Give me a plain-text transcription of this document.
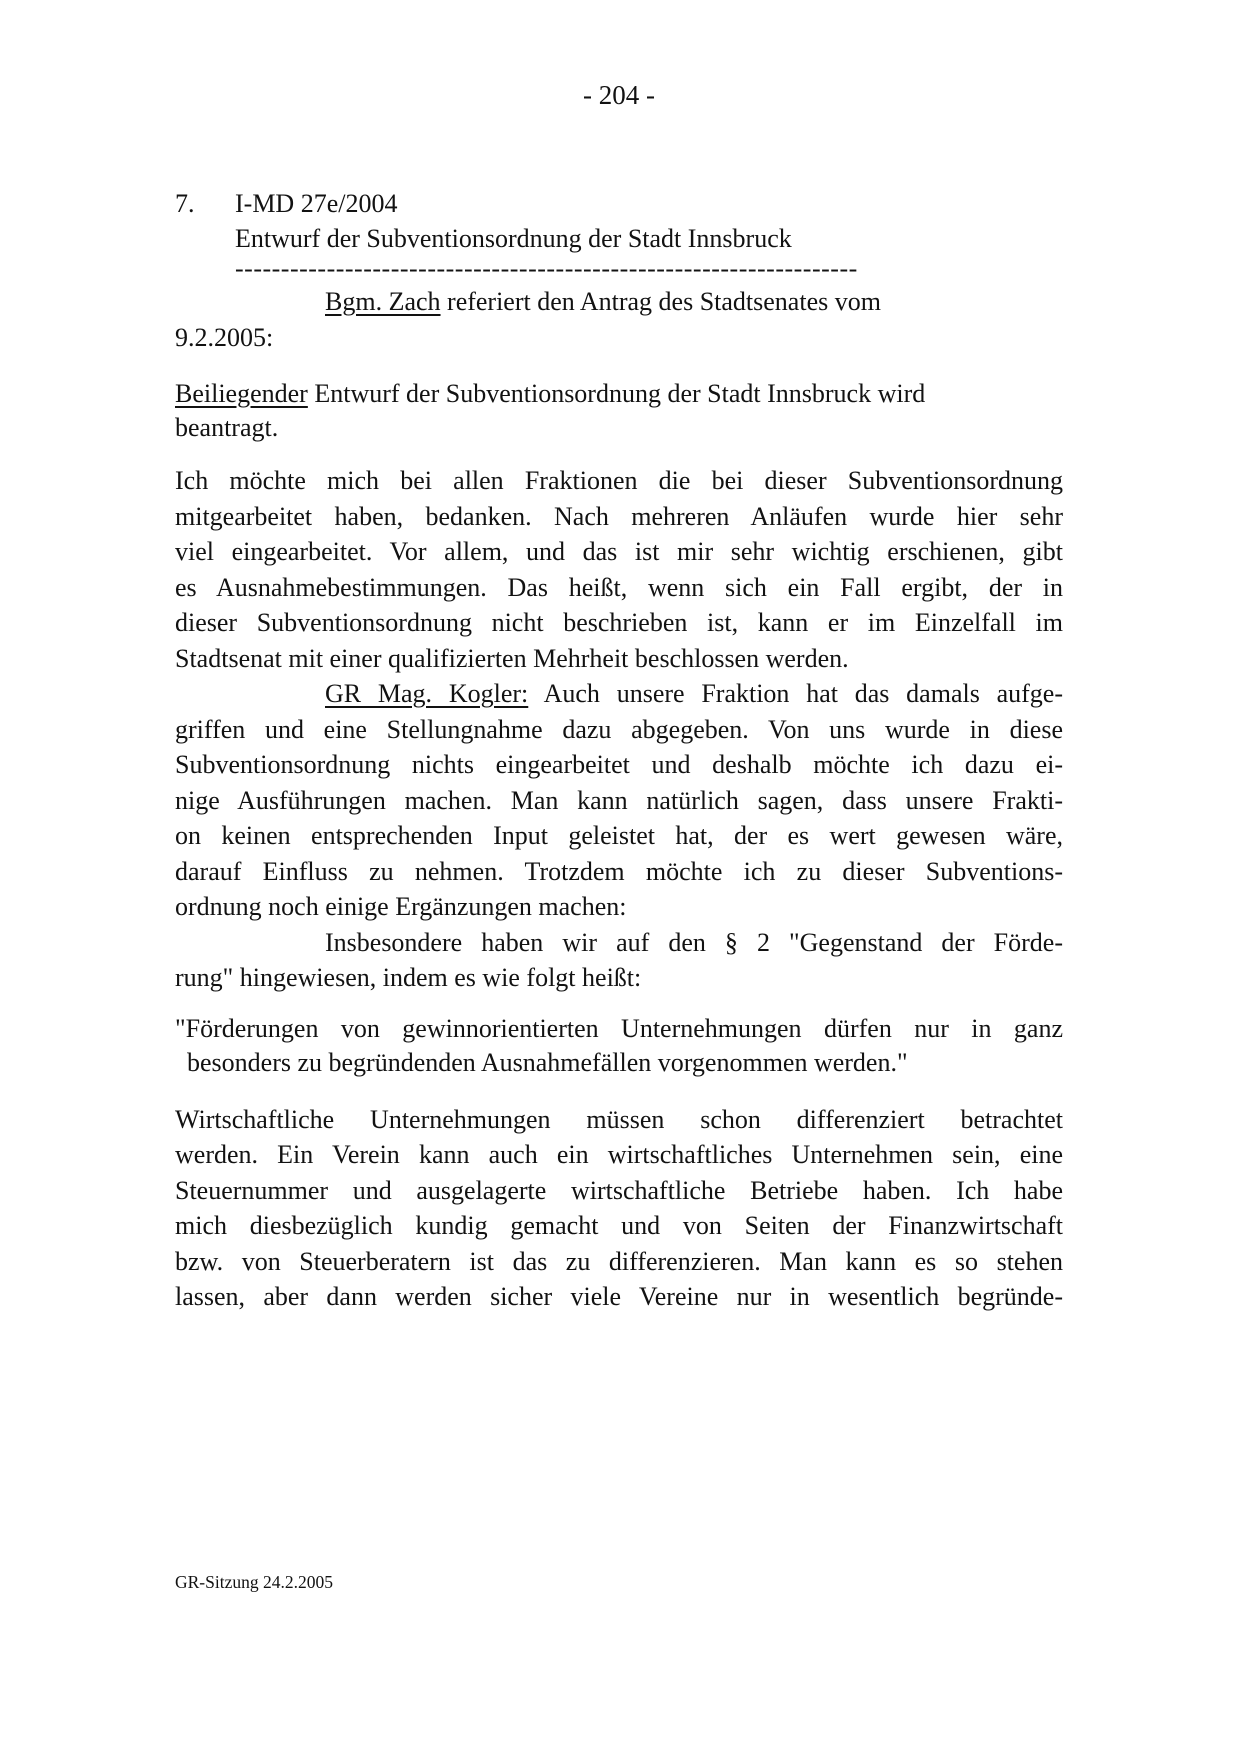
- 204 -
7. I-MD 27e/2004
Entwurf der Subventionsordnung der Stadt Innsbruck
--------------------------------------------------------------------
Bgm. Zach referiert den Antrag des Stadtsenates vom
9.2.2005:
Beiliegender Entwurf der Subventionsordnung der Stadt Innsbruck wird
beantragt.
Ich möchte mich bei allen Fraktionen die bei dieser Subventionsordnung
mitgearbeitet haben, bedanken. Nach mehreren Anläufen wurde hier sehr
viel eingearbeitet. Vor allem, und das ist mir sehr wichtig erschienen, gibt
es Ausnahmebestimmungen. Das heißt, wenn sich ein Fall ergibt, der in
dieser Subventionsordnung nicht beschrieben ist, kann er im Einzelfall im
Stadtsenat mit einer qualifizierten Mehrheit beschlossen werden.
GR Mag. Kogler: Auch unsere Fraktion hat das damals aufge-
griffen und eine Stellungnahme dazu abgegeben. Von uns wurde in diese
Subventionsordnung nichts eingearbeitet und deshalb möchte ich dazu ei-
nige Ausführungen machen. Man kann natürlich sagen, dass unsere Frakti-
on keinen entsprechenden Input geleistet hat, der es wert gewesen wäre,
darauf Einfluss zu nehmen. Trotzdem möchte ich zu dieser Subventions-
ordnung noch einige Ergänzungen machen:
Insbesondere haben wir auf den § 2 "Gegenstand der Förde-
rung" hingewiesen, indem es wie folgt heißt:
"Förderungen von gewinnorientierten Unternehmungen dürfen nur in ganz
besonders zu begründenden Ausnahmefällen vorgenommen werden."
Wirtschaftliche Unternehmungen müssen schon differenziert betrachtet
werden. Ein Verein kann auch ein wirtschaftliches Unternehmen sein, eine
Steuernummer und ausgelagerte wirtschaftliche Betriebe haben. Ich habe
mich diesbezüglich kundig gemacht und von Seiten der Finanzwirtschaft
bzw. von Steuerberatern ist das zu differenzieren. Man kann es so stehen
lassen, aber dann werden sicher viele Vereine nur in wesentlich begründe-
GR-Sitzung 24.2.2005
